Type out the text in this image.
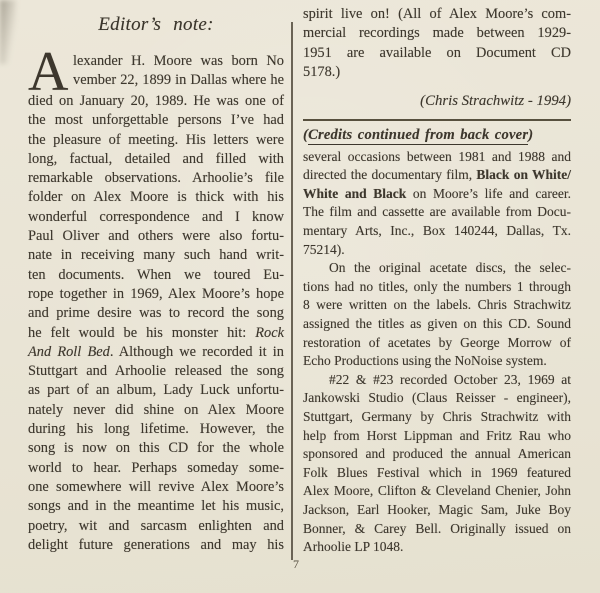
Editor’s note:
A lexander H. Moore was born No
vember 22, 1899 in Dallas where he
died on January 20, 1989. He was one of
the most unforgettable persons I’ve had
the pleasure of meeting. His letters were
long, factual, detailed and filled with
remarkable observations. Arhoolie’s file
folder on Alex Moore is thick with his
wonderful correspondence and I know
Paul Oliver and others were also fortu-
nate in receiving many such hand writ-
ten documents. When we toured Eu-
rope together in 1969, Alex Moore’s hope
and prime desire was to record the song
he felt would be his monster hit: Rock
And Roll Bed. Although we recorded it in
Stuttgart and Arhoolie released the song
as part of an album, Lady Luck unfortu-
nately never did shine on Alex Moore
during his long lifetime. However, the
song is now on this CD for the whole
world to hear. Perhaps someday some-
one somewhere will revive Alex Moore’s
songs and in the meantime let his music,
poetry, wit and sarcasm enlighten and
delight future generations and may his
spirit live on! (All of Alex Moore’s com-
mercial recordings made between 1929-
1951 are available on Document CD
5178.)
(Chris Strachwitz - 1994)
(Credits continued from back cover)
several occasions between 1981 and 1988 and
directed the documentary film, Black on White/
White and Black on Moore’s life and career.
The film and cassette are available from Docu-
mentary Arts, Inc., Box 140244, Dallas, Tx.
75214).
On the original acetate discs, the selec-
tions had no titles, only the numbers 1 through
8 were written on the labels. Chris Strachwitz
assigned the titles as given on this CD. Sound
restoration of acetates by George Morrow of
Echo Productions using the NoNoise system.
#22 & #23 recorded October 23, 1969 at
Jankowski Studio (Claus Reisser - engineer),
Stuttgart, Germany by Chris Strachwitz with
help from Horst Lippman and Fritz Rau who
sponsored and produced the annual American
Folk Blues Festival which in 1969 featured
Alex Moore, Clifton & Cleveland Chenier, John
Jackson, Earl Hooker, Magic Sam, Juke Boy
Bonner, & Carey Bell. Originally issued on
Arhoolie LP 1048.
7
